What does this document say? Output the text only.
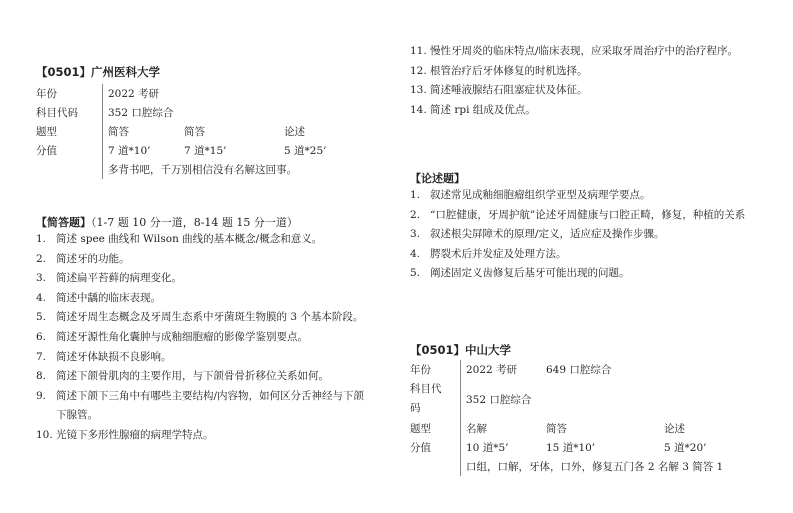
【0501】广州医科大学
年份	2022 考研		
科目代码	352 口腔综合		
题型	简答	简答	论述
分值	7 道*10’	7 道*15’	5 道*25’
	多背书吧，千万别相信没有名解这回事。		
【简答题】（1-7 题 10 分一道，8-14 题 15 分一道）
1. 简述 spee 曲线和 Wilson 曲线的基本概念/概念和意义。
2. 简述牙的功能。
3. 简述扁平苔藓的病理变化。
4. 简述中龋的临床表现。
5. 简述牙周生态概念及牙周生态系中牙菌斑生物膜的 3 个基本阶段。
6. 简述牙源性角化囊肿与成釉细胞瘤的影像学鉴别要点。
7. 简述牙体缺损不良影响。
8. 简述下颌骨肌肉的主要作用，与下颌骨骨折移位关系如何。
9. 简述下颌下三角中有哪些主要结构/内容物，如何区分舌神经与下颌下腺管。
10. 光镜下多形性腺瘤的病理学特点。
11. 慢性牙周炎的临床特点/临床表现，应采取牙周治疗中的治疗程序。
12. 根管治疗后牙体修复的时机选择。
13. 简述唾液腺结石阻塞症状及体征。
14. 简述 rpi 组成及优点。
【论述题】
1. 叙述常见成釉细胞瘤组织学亚型及病理学要点。
2. “口腔健康，牙周护航”论述牙周健康与口腔正畸，修复，种植的关系
3. 叙述根尖屏障术的原理/定义，适应症及操作步骤。
4. 腭裂术后并发症及处理方法。
5. 阐述固定义齿修复后基牙可能出现的问题。
【0501】中山大学
年份	2022 考研	649 口腔综合	
科目代
码	352 口腔综合		
题型	名解	简答	论述
分值	10 道*5’	15 道*10’	5 道*20’
	口组，口解，牙体，口外，修复五门各 2 名解 3 简答 1		
